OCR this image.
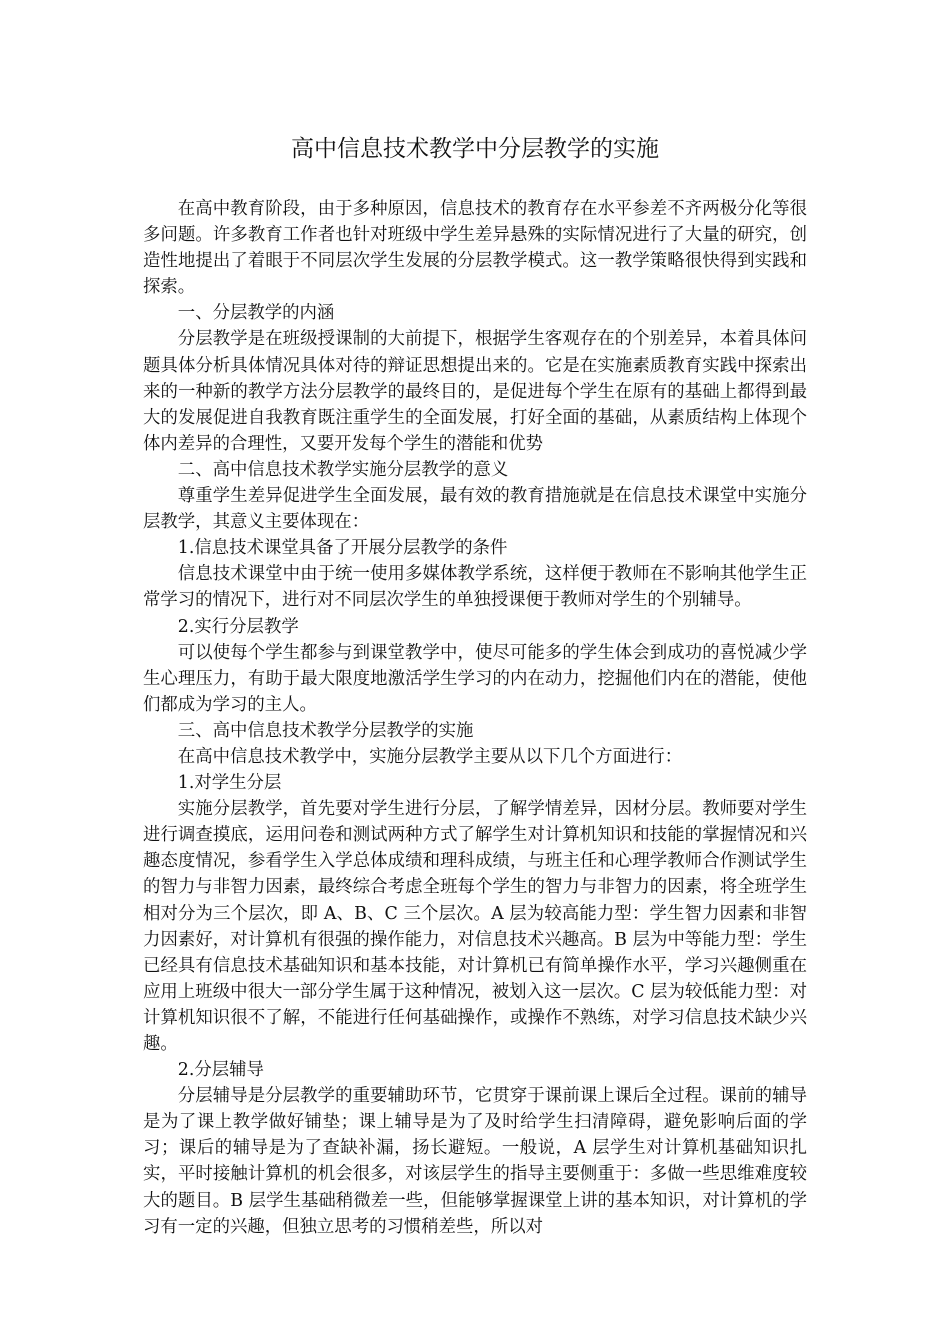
高中信息技术教学中分层教学的实施

在高中教育阶段，由于多种原因，信息技术的教育存在水平参差不齐两极分化等很多问题。许多教育工作者也针对班级中学生差异悬殊的实际情况进行了大量的研究，创造性地提出了着眼于不同层次学生发展的分层教学模式。这一教学策略很快得到实践和探索。

一、分层教学的内涵

分层教学是在班级授课制的大前提下，根据学生客观存在的个别差异，本着具体问题具体分析具体情况具体对待的辩证思想提出来的。它是在实施素质教育实践中探索出来的一种新的教学方法分层教学的最终目的，是促进每个学生在原有的基础上都得到最大的发展促进自我教育既注重学生的全面发展，打好全面的基础，从素质结构上体现个体内差异的合理性，又要开发每个学生的潜能和优势

二、高中信息技术教学实施分层教学的意义

尊重学生差异促进学生全面发展，最有效的教育措施就是在信息技术课堂中实施分层教学，其意义主要体现在：

1.信息技术课堂具备了开展分层教学的条件

信息技术课堂中由于统一使用多媒体教学系统，这样便于教师在不影响其他学生正常学习的情况下，进行对不同层次学生的单独授课便于教师对学生的个别辅导。

2.实行分层教学

可以使每个学生都参与到课堂教学中，使尽可能多的学生体会到成功的喜悦减少学生心理压力，有助于最大限度地激活学生学习的内在动力，挖掘他们内在的潜能，使他们都成为学习的主人。

三、高中信息技术教学分层教学的实施

在高中信息技术教学中，实施分层教学主要从以下几个方面进行：

1.对学生分层

实施分层教学，首先要对学生进行分层，了解学情差异，因材分层。教师要对学生进行调查摸底，运用问卷和测试两种方式了解学生对计算机知识和技能的掌握情况和兴趣态度情况，参看学生入学总体成绩和理科成绩，与班主任和心理学教师合作测试学生的智力与非智力因素，最终综合考虑全班每个学生的智力与非智力的因素，将全班学生相对分为三个层次，即 A、B、C 三个层次。A 层为较高能力型：学生智力因素和非智力因素好，对计算机有很强的操作能力，对信息技术兴趣高。B 层为中等能力型：学生已经具有信息技术基础知识和基本技能，对计算机已有简单操作水平，学习兴趣侧重在应用上班级中很大一部分学生属于这种情况，被划入这一层次。C 层为较低能力型：对计算机知识很不了解，不能进行任何基础操作，或操作不熟练，对学习信息技术缺少兴趣。

2.分层辅导

分层辅导是分层教学的重要辅助环节，它贯穿于课前课上课后全过程。课前的辅导是为了课上教学做好铺垫；课上辅导是为了及时给学生扫清障碍，避免影响后面的学习；课后的辅导是为了查缺补漏，扬长避短。一般说，A 层学生对计算机基础知识扎实，平时接触计算机的机会很多，对该层学生的指导主要侧重于：多做一些思维难度较大的题目。B 层学生基础稍微差一些，但能够掌握课堂上讲的基本知识，对计算机的学习有一定的兴趣，但独立思考的习惯稍差些，所以对
